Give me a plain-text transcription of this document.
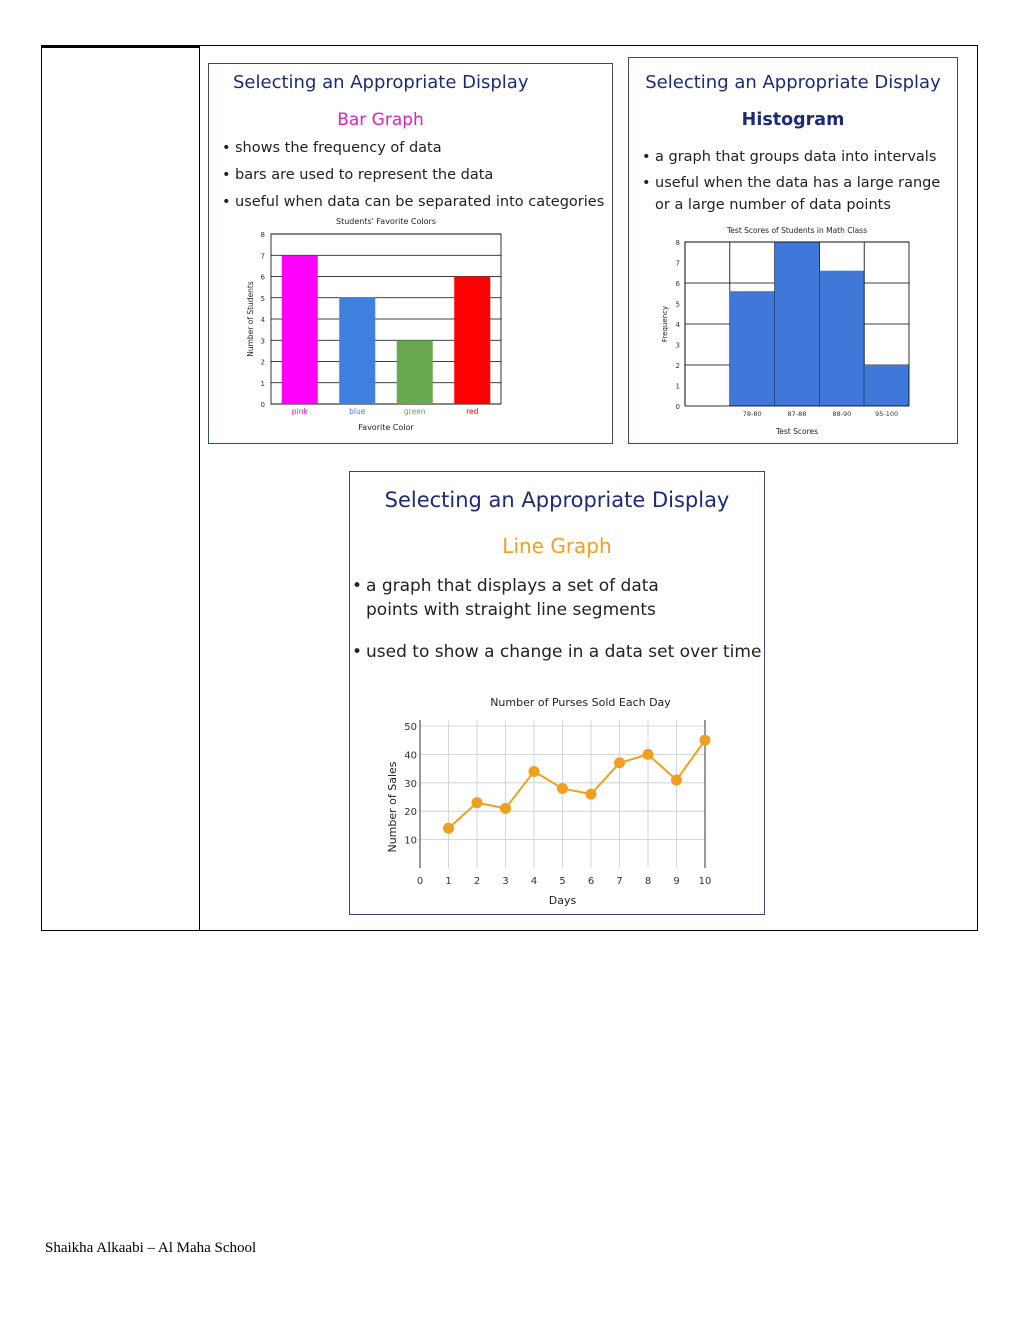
Selecting an Appropriate Display
Bar Graph
• shows the frequency of data
• bars are used to represent the data
• useful when data can be separated into categories
Students' Favorite Colors
0
1
2
3
4
5
6
7
8
pink	blue	green	red
Favorite Color
Number of Students
Selecting an Appropriate Display
Histogram
• a graph that groups data into intervals
• useful when the data has a large range or a large number of data points
Test Scores of Students in Math Class
0
1
2
3
4
5
6
7
8
78-80	87-88	88-90	95-100
Test Scores
Frequency
Selecting an Appropriate Display
Line Graph
• a graph that displays a set of data points with straight line segments
• used to show a change in a data set over time
Number of Purses Sold Each Day
10
20
30
40
50
0 1 2 3 4 5 6 7 8 9 10
Days
Number of Sales
Shaikha Alkaabi – Al Maha School
